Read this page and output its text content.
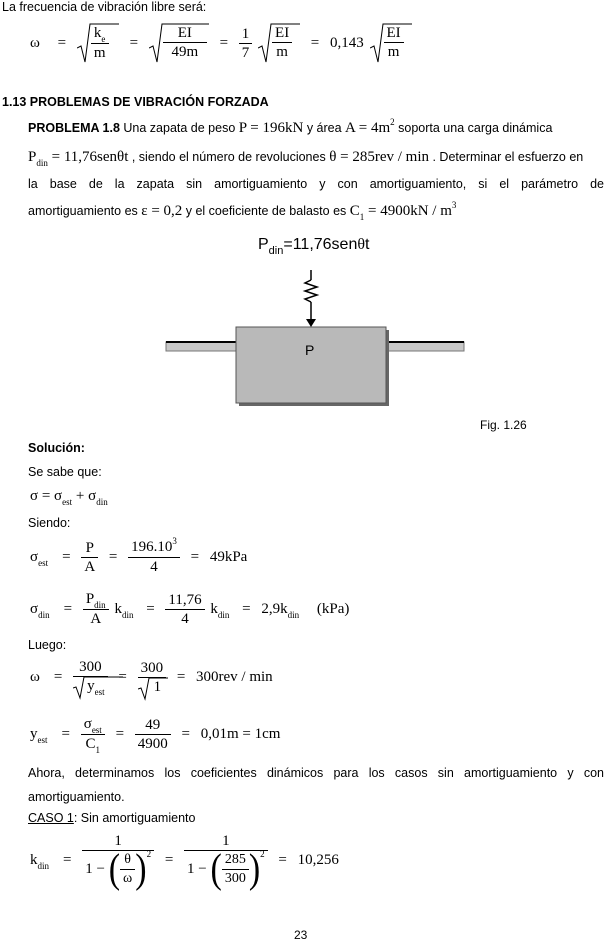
La frecuencia de vibración libre será:
$\omega = \frac{k_e}{m} = \frac{EI}{49m} = \frac{1}{7}$
$\frac{EI}{m} = 0,143 \frac{EI}{m}$
1.13 PROBLEMAS DE VIBRACIÓN FORZADA
PROBLEMA 1.8 Una zapata de peso P = 196kN y área $A = 4m^2$ soporta una carga dinámica
$P_{din} = 11,76sen\theta t$ , siendo el número de revoluciones θ = 285rev / min . Determinar el esfuerzo en
la base de la zapata sin amortiguamiento y con amortiguamiento, si el parámetro de
amortiguamiento es ε = 0,2 y el coeficiente de balasto es $C_1 = 4900kN / m^3$
$P_{din}=11,76sen\theta t$
P
Fig. 1.26
Solución:
Se sabe que:
$\sigma = \sigma_{est} + \sigma_{din}$
Siendo:
$\sigma_{est} = \frac{P}{A} = \frac{196.10^3}{4} = 49kPa$
$\sigma_{din} = \frac{P_{din}}{A} k_{din} = \frac{11,76}{4} k_{din} = 2,9k_{din}$ (kPa)
Luego:
$\omega = \frac{300}{y_{est}} = \frac{300}{1} = 300rev / \min$
$y_{est} = \frac{\sigma_{est}}{C_1} = \frac{49}{4900} = 0,01m = 1cm$
Ahora, determinamos los coeficientes dinámicos para los casos sin amortiguamiento y con
amortiguamiento.
CASO 1: Sin amortiguamiento
$k_{din} = \frac{1}{1 - ( \frac{\theta}{\omega} )^2} = \frac{1}{1 - ( \frac{285}{300} )^2} = 10,256$
23
